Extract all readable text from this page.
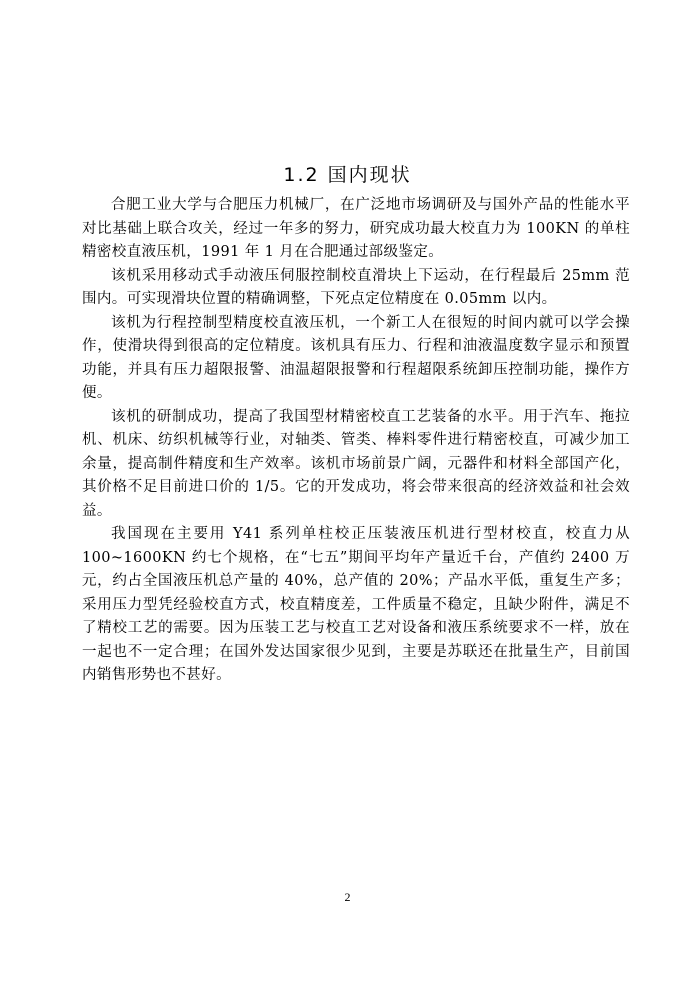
1.2 国内现状

合肥工业大学与合肥压力机械厂，在广泛地市场调研及与国外产品的性能水平对比基础上联合攻关，经过一年多的努力，研究成功最大校直力为 100KN 的单柱精密校直液压机，1991 年 1 月在合肥通过部级鉴定。

该机采用移动式手动液压伺服控制校直滑块上下运动，在行程最后 25mm 范围内。可实现滑块位置的精确调整，下死点定位精度在 0.05mm 以内。

该机为行程控制型精度校直液压机，一个新工人在很短的时间内就可以学会操作，使滑块得到很高的定位精度。该机具有压力、行程和油液温度数字显示和预置功能，并具有压力超限报警、油温超限报警和行程超限系统卸压控制功能，操作方便。

该机的研制成功，提高了我国型材精密校直工艺装备的水平。用于汽车、拖拉机、机床、纺织机械等行业，对轴类、管类、棒料零件进行精密校直，可减少加工余量，提高制件精度和生产效率。该机市场前景广阔，元器件和材料全部国产化，其价格不足目前进口价的 1/5。它的开发成功，将会带来很高的经济效益和社会效益。

我国现在主要用 Y41 系列单柱校正压装液压机进行型材校直，校直力从 100~1600KN 约七个规格，在“七五”期间平均年产量近千台，产值约 2400 万元，约占全国液压机总产量的 40%，总产值的 20%；产品水平低，重复生产多；采用压力型凭经验校直方式，校直精度差，工件质量不稳定，且缺少附件，满足不了精校工艺的需要。因为压装工艺与校直工艺对设备和液压系统要求不一样，放在一起也不一定合理；在国外发达国家很少见到，主要是苏联还在批量生产，目前国内销售形势也不甚好。

2
